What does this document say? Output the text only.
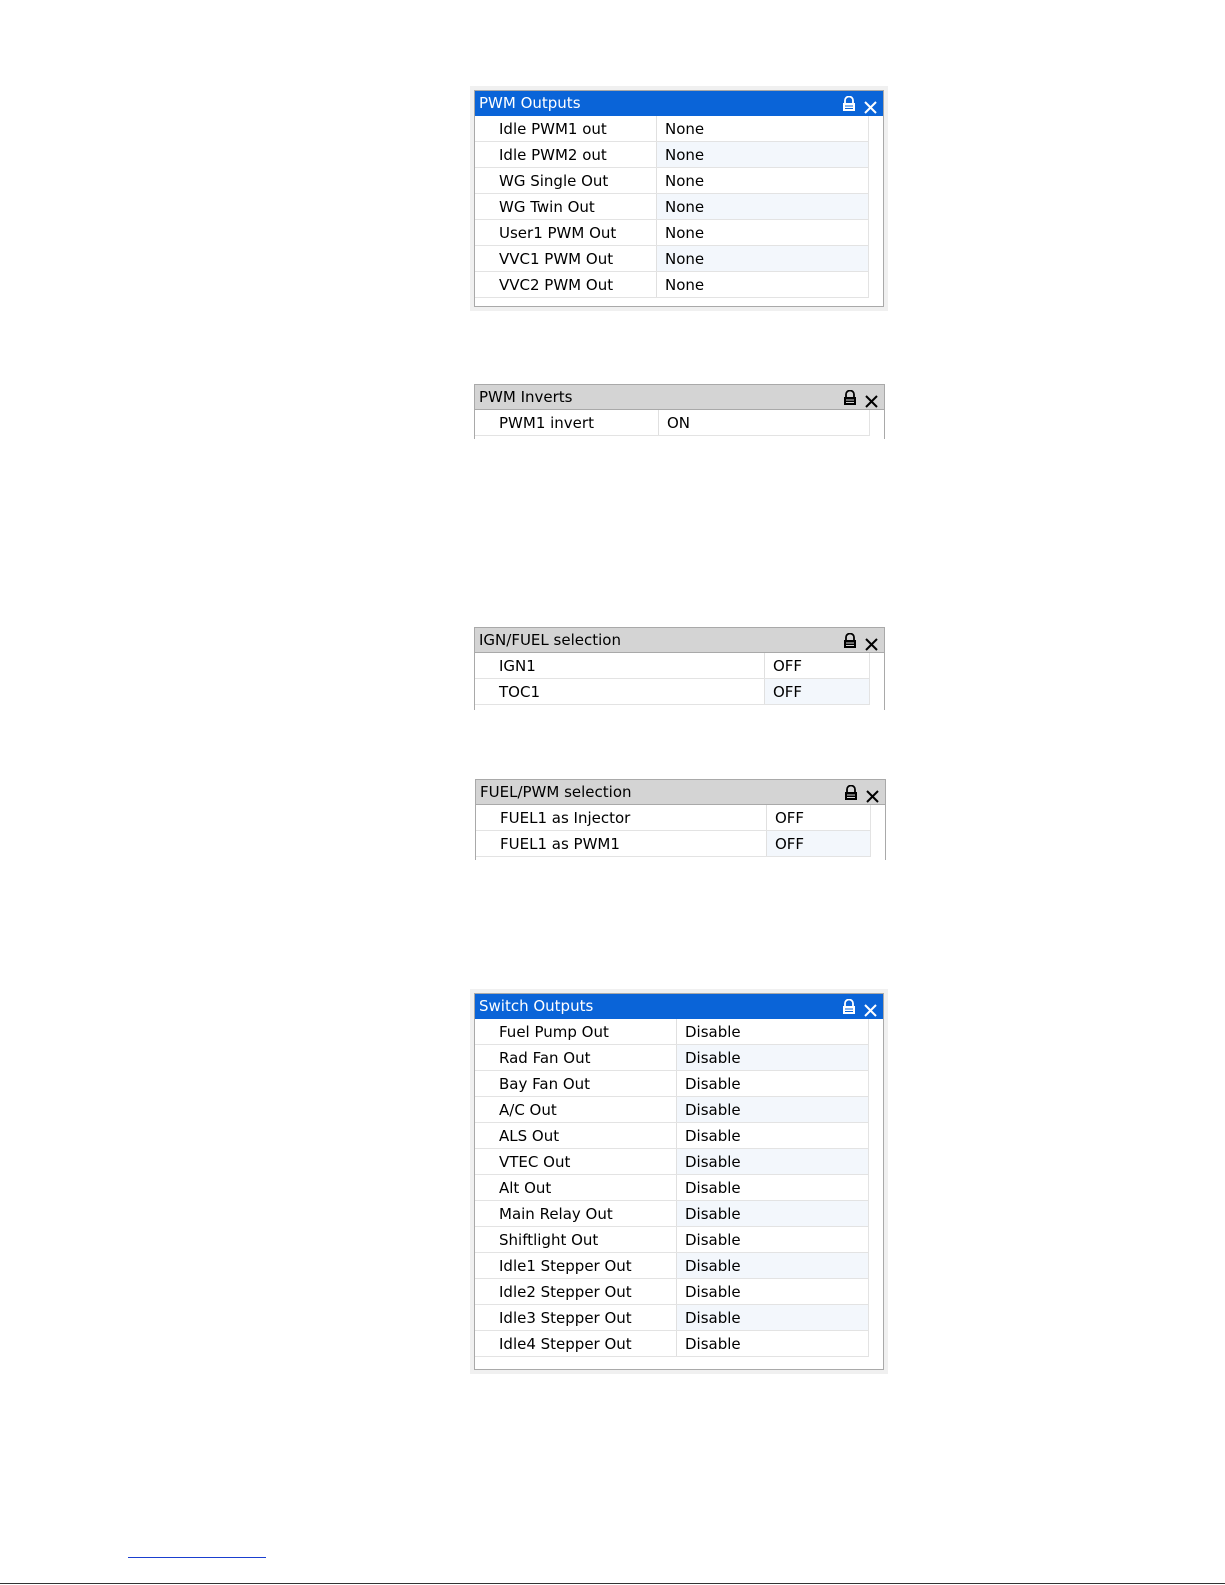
PWM Outputs
Idle PWM1 out	None
Idle PWM2 out	None
WG Single Out	None
WG Twin Out	None
User1 PWM Out	None
VVC1 PWM Out	None
VVC2 PWM Out	None
PWM Inverts
PWM1 invert	ON
IGN/FUEL selection
IGN1	OFF
TOC1	OFF
FUEL/PWM selection
FUEL1 as Injector	OFF
FUEL1 as PWM1	OFF
Switch Outputs
Fuel Pump Out	Disable
Rad Fan Out	Disable
Bay Fan Out	Disable
A/C Out	Disable
ALS Out	Disable
VTEC Out	Disable
Alt Out	Disable
Main Relay Out	Disable
Shiftlight Out	Disable
Idle1 Stepper Out	Disable
Idle2 Stepper Out	Disable
Idle3 Stepper Out	Disable
Idle4 Stepper Out	Disable
